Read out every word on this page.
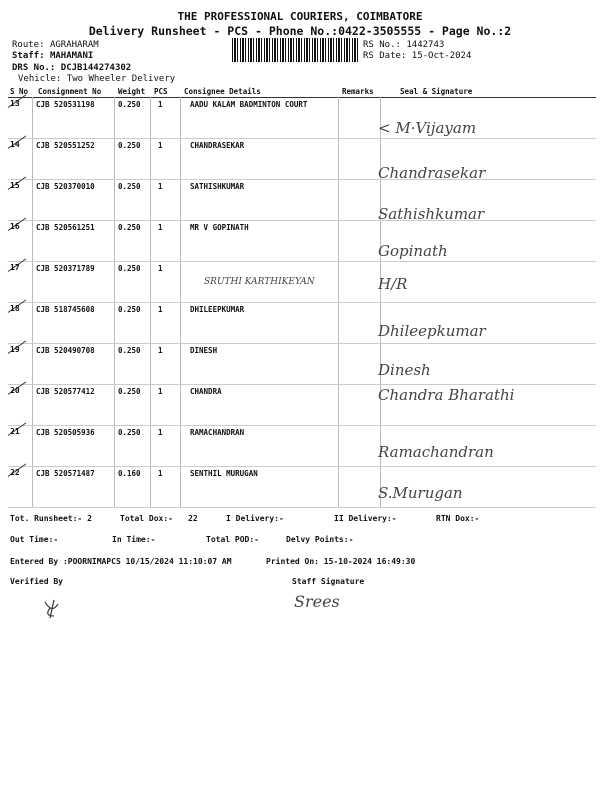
THE PROFESSIONAL COURIERS, COIMBATORE
Delivery Runsheet - PCS - Phone No.:0422-3505555 - Page No.:2
Route: AGRAHARAM
Staff: MAHAMANI
DRS No.: DCJB144274302
Vehicle: Two Wheeler Delivery
RS No.: 1442743
RS Date: 15-Oct-2024
S No Consignment No Weight PCS Consignee Details	Remarks	Seal & Signature
13 CJB 520531198	0.250 1	AADU KALAM BADMINTON COURT
< M·Vijayam
14 CJB 520551252	0.250 1	CHANDRASEKAR
Chandrasekar
15 CJB 520370010	0.250 1	SATHISHKUMAR
Sathishkumar
16 CJB 520561251	0.250 1	MR V GOPINATH
Gopinath
17 CJB 520371789	0.250 1
SRUTHI KARTHIKEYAN	H/R
18 CJB 518745608	0.250 1	DHILEEPKUMAR
Dhileepkumar
19 CJB 520490708	0.250 1	DINESH
Dinesh
20 CJB 520577412	0.250 1	CHANDRA	Chandra Bharathi
21 CJB 520505936	0.250 1	RAMACHANDRAN
Ramachandran
22 CJB 520571487	0.160 1	SENTHIL MURUGAN
S.Murugan
Tot. Runsheet:- 2	Total Dox:- 22	I Delivery:-	II Delivery:-	RTN Dox:-
Out Time:-	In Time:-	Total POD:-	Delvy Points:-
Entered By :POORNIMAPCS 10/15/2024 11:10:07 AM	Printed On: 15-10-2024 16:49:30
Verified By	Staff Signature
Srees
